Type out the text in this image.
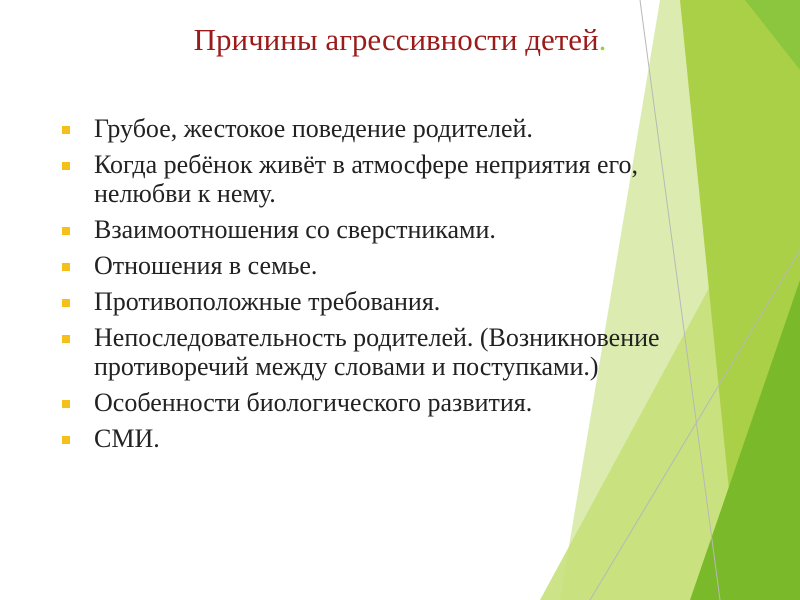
Причины агрессивности детей.
Грубое, жестокое поведение родителей.
Когда ребёнок живёт в атмосфере неприятия его, нелюбви к нему.
Взаимоотношения со сверстниками.
Отношения в семье.
Противоположные требования.
Непоследовательность родителей. (Возникновение противоречий между словами и поступками.)
Особенности биологического развития.
СМИ.
